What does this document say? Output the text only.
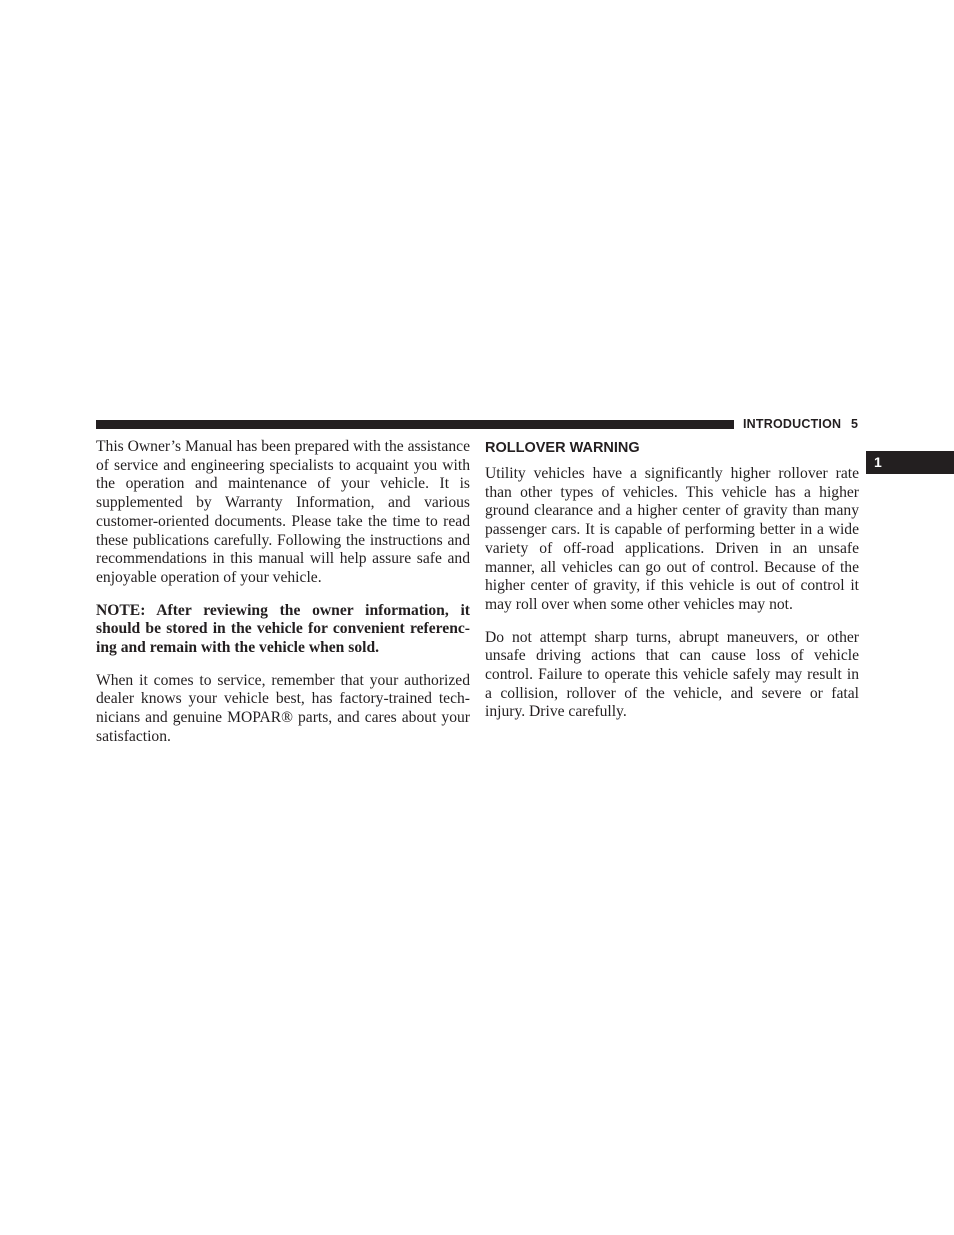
INTRODUCTION 5
1

This Owner’s Manual has been prepared with the assistance of service and engineering specialists to acquaint you with the operation and maintenance of your vehicle. It is supplemented by Warranty Information, and various customer-oriented documents. Please take the time to read these publications carefully. Following the instructions and recommendations in this manual will help assure safe and enjoyable operation of your vehicle.

NOTE: After reviewing the owner information, it should be stored in the vehicle for convenient referencing and remain with the vehicle when sold.

When it comes to service, remember that your authorized dealer knows your vehicle best, has factory-trained technicians and genuine MOPAR® parts, and cares about your satisfaction.

ROLLOVER WARNING

Utility vehicles have a significantly higher rollover rate than other types of vehicles. This vehicle has a higher ground clearance and a higher center of gravity than many passenger cars. It is capable of performing better in a wide variety of off-road applications. Driven in an unsafe manner, all vehicles can go out of control. Because of the higher center of gravity, if this vehicle is out of control it may roll over when some other vehicles may not.

Do not attempt sharp turns, abrupt maneuvers, or other unsafe driving actions that can cause loss of vehicle control. Failure to operate this vehicle safely may result in a collision, rollover of the vehicle, and severe or fatal injury. Drive carefully.
